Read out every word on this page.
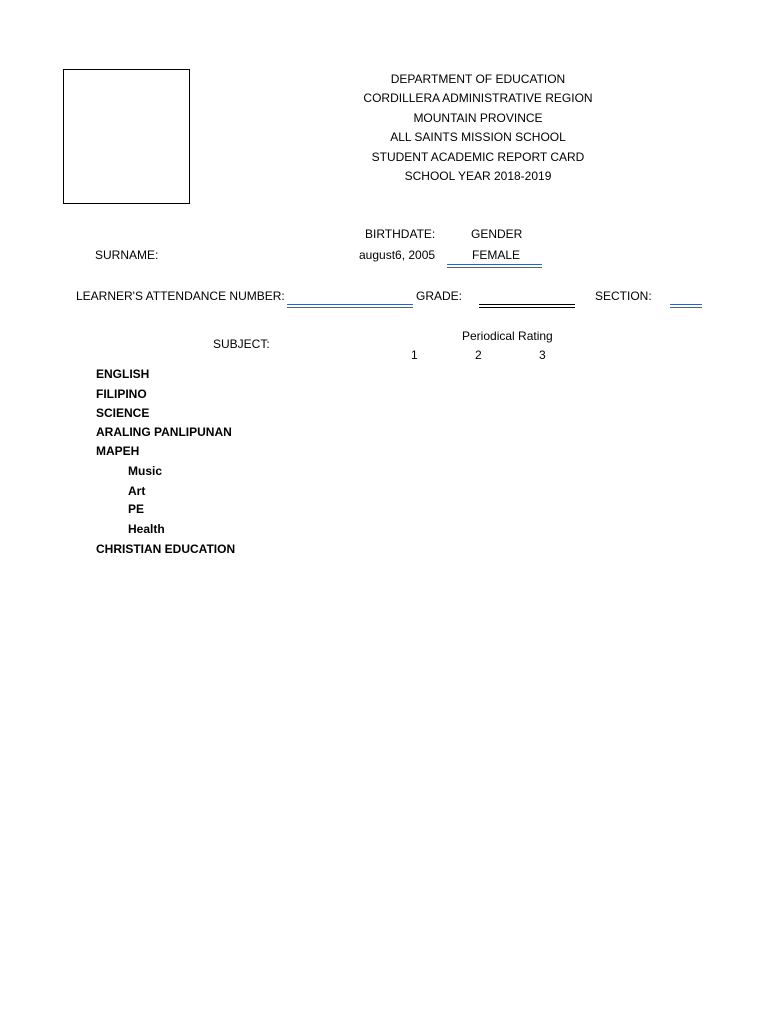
DEPARTMENT OF EDUCATION
CORDILLERA ADMINISTRATIVE REGION
MOUNTAIN PROVINCE
ALL SAINTS MISSION SCHOOL
STUDENT ACADEMIC REPORT CARD
SCHOOL YEAR 2018-2019
BIRTHDATE:	GENDER
SURNAME:	august6, 2005	FEMALE
LEARNER'S ATTENDANCE NUMBER:	GRADE:	SECTION:
SUBJECT:
Periodical Rating
1	2	3
ENGLISH
FILIPINO
SCIENCE
ARALING PANLIPUNAN
MAPEH
Music
Art
PE
Health
CHRISTIAN EDUCATION
